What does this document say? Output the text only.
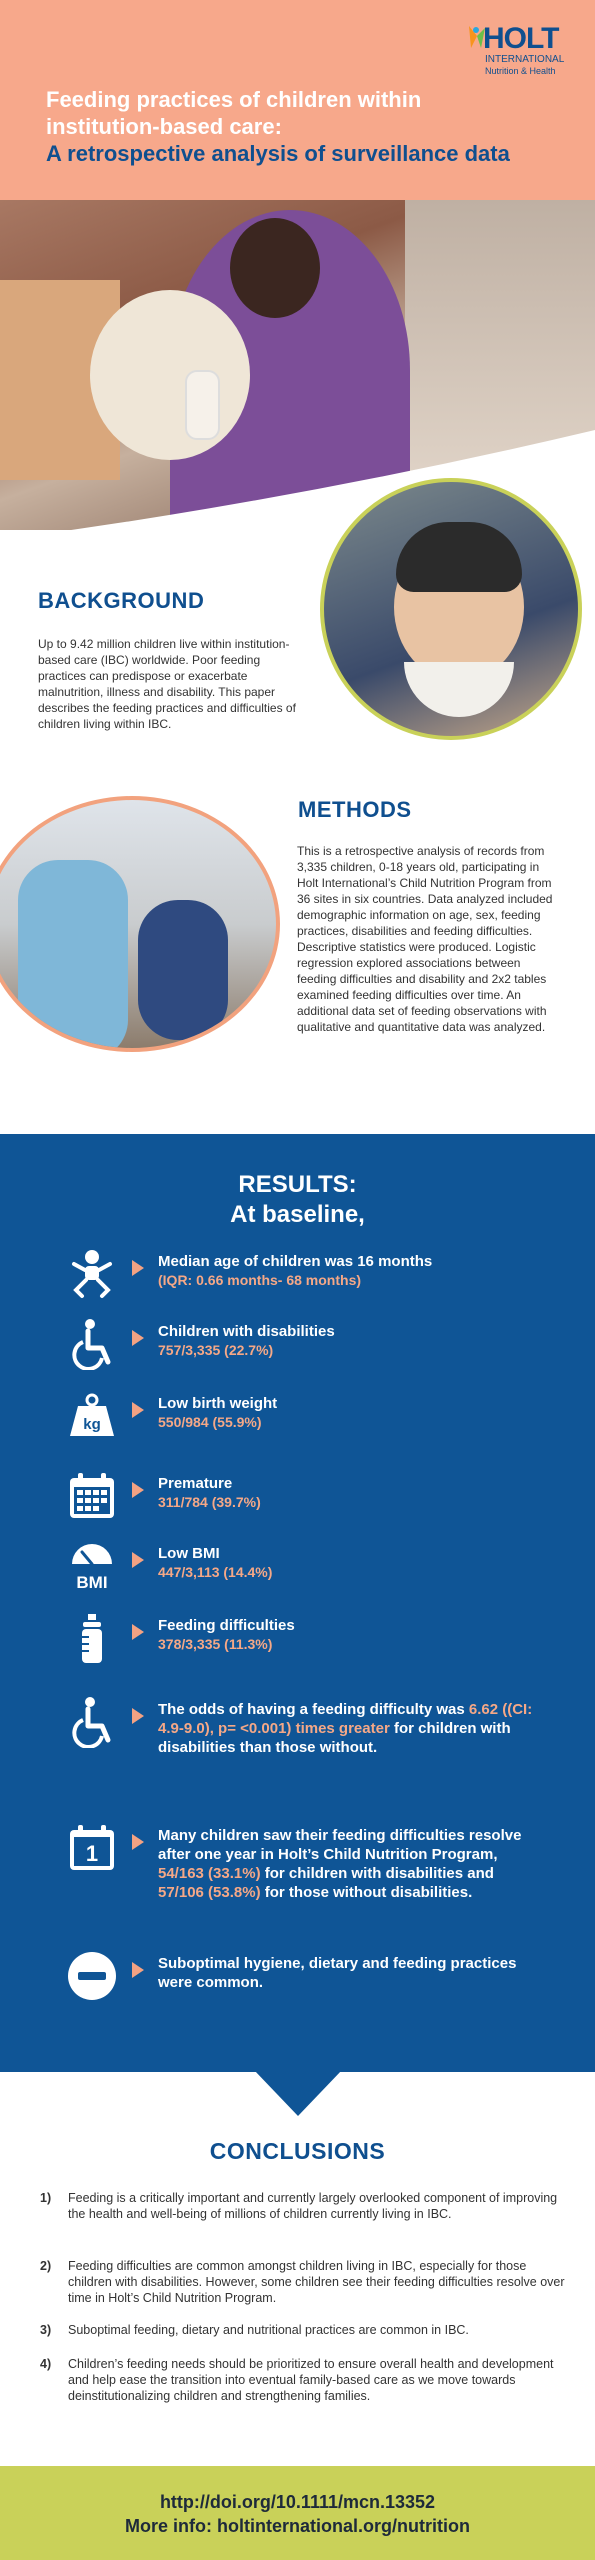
HOLT
INTERNATIONAL
Nutrition & Health
Feeding practices of children within
institution-based care:
A retrospective analysis of surveillance data
BACKGROUND
Up to 9.42 million children live within institution-based care (IBC) worldwide. Poor feeding practices can predispose or exacerbate malnutrition, illness and disability. This paper describes the feeding practices and difficulties of children living within IBC.
METHODS
This is a retrospective analysis of records from 3,335 children, 0-18 years old, participating in Holt International’s Child Nutrition Program from 36 sites in six countries. Data analyzed included demographic information on age, sex, feeding practices, disabilities and feeding difficulties. Descriptive statistics were produced. Logistic regression explored associations between feeding difficulties and disability and 2x2 tables examined feeding difficulties over time. An additional data set of feeding observations with qualitative and quantitative data was analyzed.
RESULTS:
At baseline,
Median age of children was 16 months
(IQR: 0.66 months- 68 months)
Children with disabilities
757/3,335 (22.7%)
kg
Low birth weight
550/984 (55.9%)
Premature
311/784 (39.7%)
BMI
Low BMI
447/3,113 (14.4%)
Feeding difficulties
378/3,335 (11.3%)
The odds of having a feeding difficulty was 6.62 ((CI: 4.9-9.0), p= <0.001) times greater for children with disabilities than those without.
1
Many children saw their feeding difficulties resolve after one year in Holt’s Child Nutrition Program, 54/163 (33.1%) for children with disabilities and 57/106 (53.8%) for those without disabilities.
Suboptimal hygiene, dietary and feeding practices were common.
CONCLUSIONS
1) Feeding is a critically important and currently largely overlooked component of improving the health and well-being of millions of children currently living in IBC.
2) Feeding difficulties are common amongst children living in IBC, especially for those children with disabilities. However, some children see their feeding difficulties resolve over time in Holt’s Child Nutrition Program.
3) Suboptimal feeding, dietary and nutritional practices are common in IBC.
4) Children’s feeding needs should be prioritized to ensure overall health and development and help ease the transition into eventual family-based care as we move towards deinstitutionalizing children and strengthening families.
http://doi.org/10.1111/mcn.13352
More info: holtinternational.org/nutrition
